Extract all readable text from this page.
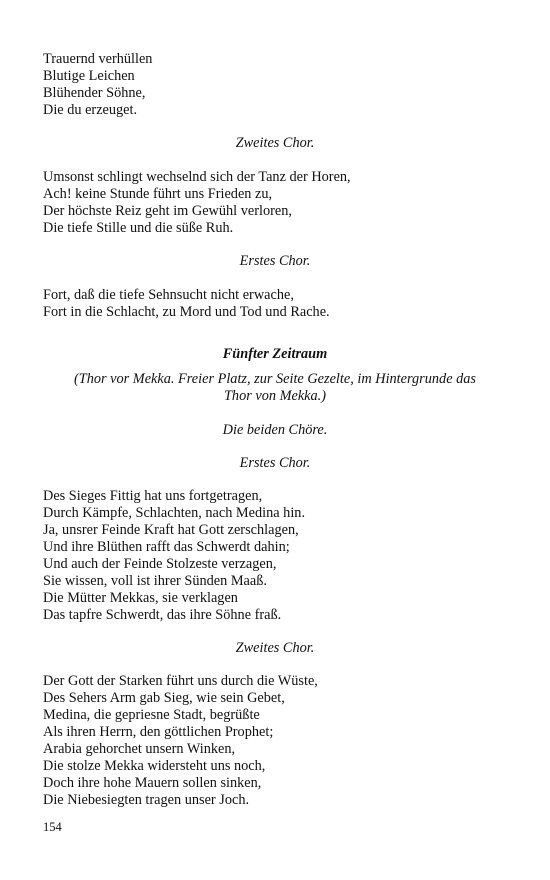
Trauernd verhüllen
Blutige Leichen
Blühender Söhne,
Die du erzeuget.
Zweites Chor.
Umsonst schlingt wechselnd sich der Tanz der Horen,
Ach! keine Stunde führt uns Frieden zu,
Der höchste Reiz geht im Gewühl verloren,
Die tiefe Stille und die süße Ruh.
Erstes Chor.
Fort, daß die tiefe Sehnsucht nicht erwache,
Fort in die Schlacht, zu Mord und Tod und Rache.
Fünfter Zeitraum
(Thor vor Mekka. Freier Platz, zur Seite Gezelte, im Hintergrunde das
Thor von Mekka.)
Die beiden Chöre.
Erstes Chor.
Des Sieges Fittig hat uns fortgetragen,
Durch Kämpfe, Schlachten, nach Medina hin.
Ja, unsrer Feinde Kraft hat Gott zerschlagen,
Und ihre Blüthen rafft das Schwerdt dahin;
Und auch der Feinde Stolzeste verzagen,
Sie wissen, voll ist ihrer Sünden Maaß.
Die Mütter Mekkas, sie verklagen
Das tapfre Schwerdt, das ihre Söhne fraß.
Zweites Chor.
Der Gott der Starken führt uns durch die Wüste,
Des Sehers Arm gab Sieg, wie sein Gebet,
Medina, die gepriesne Stadt, begrüßte
Als ihren Herrn, den göttlichen Prophet;
Arabia gehorchet unsern Winken,
Die stolze Mekka widersteht uns noch,
Doch ihre hohe Mauern sollen sinken,
Die Niebesiegten tragen unser Joch.
154
